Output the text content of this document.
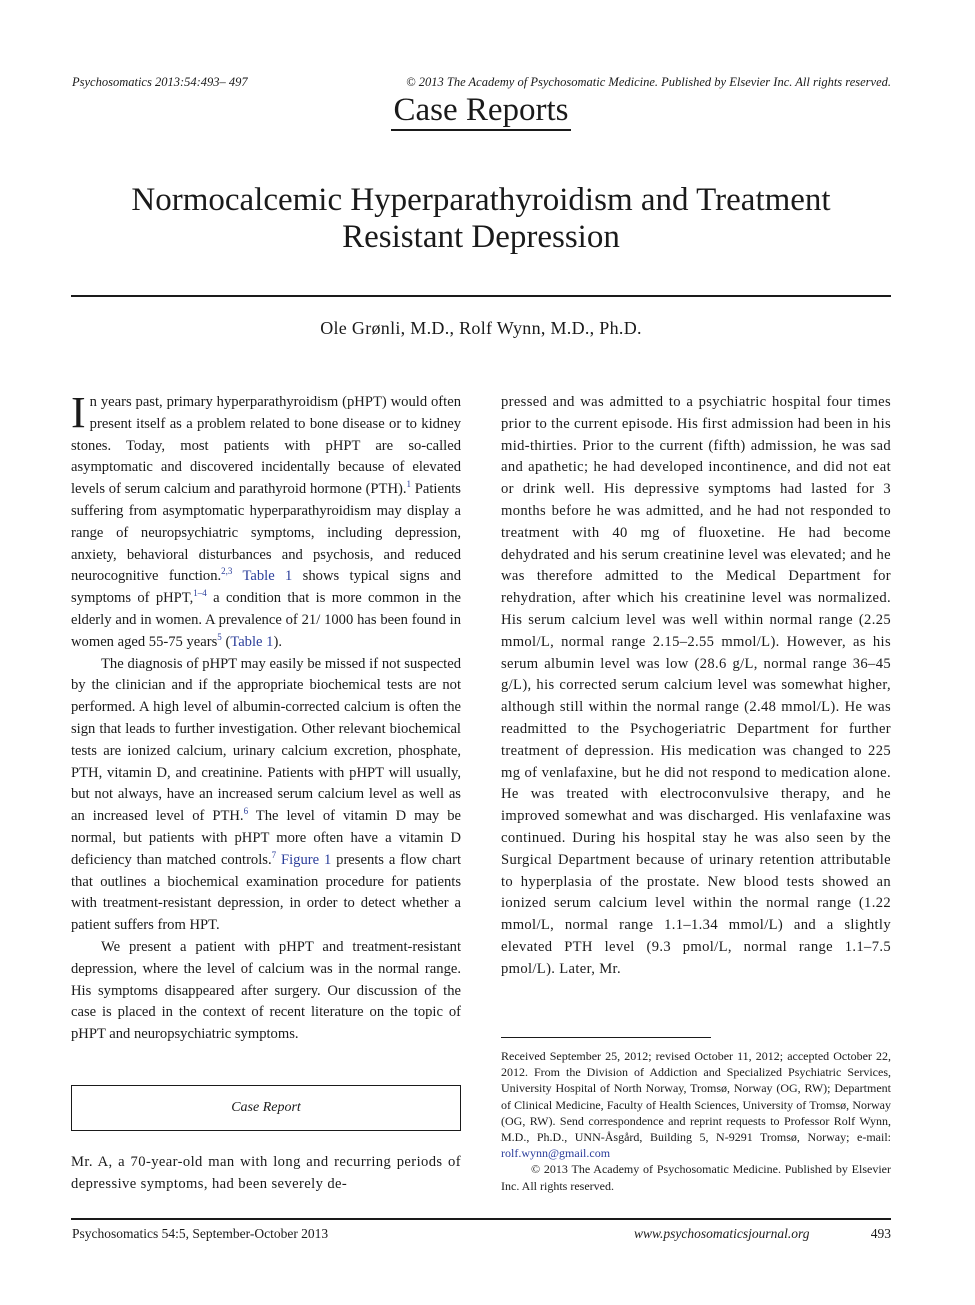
Psychosomatics 2013:54:493– 497	© 2013 The Academy of Psychosomatic Medicine. Published by Elsevier Inc. All rights reserved.
Case Reports
Normocalcemic Hyperparathyroidism and Treatment Resistant Depression
Ole Grønli, M.D., Rolf Wynn, M.D., Ph.D.

In years past, primary hyperparathyroidism (pHPT) would often present itself as a problem related to bone disease or to kidney stones. Today, most patients with pHPT are so-called asymptomatic and discovered incidentally because of elevated levels of serum calcium and parathyroid hormone (PTH).$^1$ Patients suffering from asymptomatic hyperparathyroidism may display a range of neuropsychiatric symptoms, including depression, anxiety, behavioral disturbances and psychosis, and reduced neurocognitive function.$^{2,3}$ Table 1 shows typical signs and symptoms of pHPT,$^{1-4}$ a condition that is more common in the elderly and in women. A prevalence of 21/ 1000 has been found in women aged 55-75 years$^5$ (Table 1).

The diagnosis of pHPT may easily be missed if not suspected by the clinician and if the appropriate biochemical tests are not performed. A high level of albumin-corrected calcium is often the sign that leads to further investigation. Other relevant biochemical tests are ionized calcium, urinary calcium excretion, phosphate, PTH, vitamin D, and creatinine. Patients with pHPT will usually, but not always, have an increased serum calcium level as well as an increased level of PTH.$^6$ The level of vitamin D may be normal, but patients with pHPT more often have a vitamin D deficiency than matched controls.$^7$ Figure 1 presents a flow chart that outlines a biochemical examination procedure for patients with treatment-resistant depression, in order to detect whether a patient suffers from HPT.

We present a patient with pHPT and treatment-resistant depression, where the level of calcium was in the normal range. His symptoms disappeared after surgery. Our discussion of the case is placed in the context of recent literature on the topic of pHPT and neuropsychiatric symptoms.

Case Report
Mr. A, a 70-year-old man with long and recurring periods of depressive symptoms, had been severely de-

pressed and was admitted to a psychiatric hospital four times prior to the current episode. His first admission had been in his mid-thirties. Prior to the current (fifth) admission, he was sad and apathetic; he had developed incontinence, and did not eat or drink well. His depressive symptoms had lasted for 3 months before he was admitted, and he had not responded to treatment with 40 mg of fluoxetine. He had become dehydrated and his serum creatinine level was elevated; and he was therefore admitted to the Medical Department for rehydration, after which his creatinine level was normalized. His serum calcium level was well within normal range (2.25 mmol/L, normal range 2.15–2.55 mmol/L). However, as his serum albumin level was low (28.6 g/L, normal range 36–45 g/L), his corrected serum calcium level was somewhat higher, although still within the normal range (2.48 mmol/L). He was readmitted to the Psychogeriatric Department for further treatment of depression. His medication was changed to 225 mg of venlafaxine, but he did not respond to medication alone. He was treated with electroconvulsive therapy, and he improved somewhat and was discharged. His venlafaxine was continued. During his hospital stay he was also seen by the Surgical Department because of urinary retention attributable to hyperplasia of the prostate. New blood tests showed an ionized serum calcium level within the normal range (1.22 mmol/L, normal range 1.1–1.34 mmol/L) and a slightly elevated PTH level (9.3 pmol/L, normal range 1.1–7.5 pmol/L). Later, Mr.

Received September 25, 2012; revised October 11, 2012; accepted October 22, 2012. From the Division of Addiction and Specialized Psychiatric Services, University Hospital of North Norway, Tromsø, Norway (OG, RW); Department of Clinical Medicine, Faculty of Health Sciences, University of Tromsø, Norway (OG, RW). Send correspondence and reprint requests to Professor Rolf Wynn, M.D., Ph.D., UNN-Åsgård, Building 5, N-9291 Tromsø, Norway; e-mail: rolf.wynn@gmail.com

© 2013 The Academy of Psychosomatic Medicine. Published by Elsevier Inc. All rights reserved.

Psychosomatics 54:5, September-October 2013	www.psychosomaticsjournal.org	493
